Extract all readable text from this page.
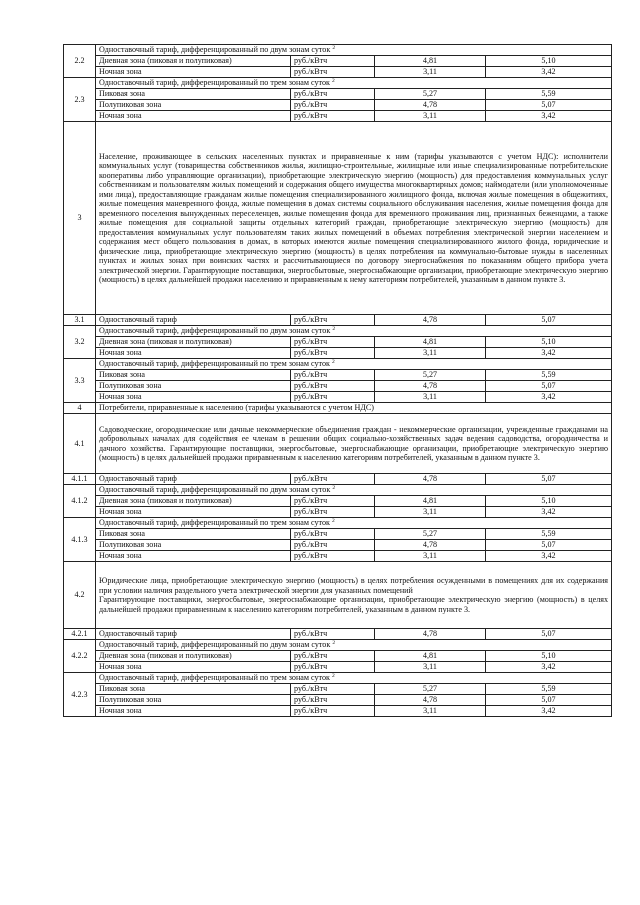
2.2	Одноставочный тариф, дифференцированный по двум зонам суток $^2$
	Дневная зона (пиковая и полупиковая)	руб./кВтч	4,81	5,10
	Ночная зона	руб./кВтч	3,11	3,42
2.3	Одноставочный тариф, дифференцированный по трем зонам суток $^2$
	Пиковая зона	руб./кВтч	5,27	5,59
	Полупиковая зона	руб./кВтч	4,78	5,07
	Ночная зона	руб./кВтч	3,11	3,42
3	Население, проживающее в сельских населенных пунктах и приравненные к ним (тарифы указываются с учетом НДС): исполнители коммунальных услуг (товарищества собственников жилья, жилищно-строительные, жилищные или иные специализированные потребительские кооперативы либо управляющие организации), приобретающие электрическую энергию (мощность) для предоставления коммунальных услуг собственникам и пользователям жилых помещений и содержания общего имущества многоквартирных домов; наймодатели (или уполномоченные ими лица), предоставляющие гражданам жилые помещения специализированного жилищного фонда, включая жилые помещения в общежитиях, жилые помещения маневренного фонда, жилые помещения в домах системы социального обслуживания населения, жилые помещения фонда для временного поселения вынужденных переселенцев, жилые помещения фонда для временного проживания лиц, признанных беженцами, а также жилые помещения для социальной защиты отдельных категорий граждан, приобретающие электрическую энергию (мощность) для предоставления коммунальных услуг пользователям таких жилых помещений в объемах потребления электрической энергии населением и содержания мест общего пользования в домах, в которых имеются жилые помещения специализированного жилого фонда, юридические и физические лица, приобретающие электрическую энергию (мощность) в целях потребления на коммунально-бытовые нужды в населенных пунктах и жилых зонах при воинских частях и рассчитывающиеся по договору энергоснабжения по показаниям общего прибора учета электрической энергии. Гарантирующие поставщики, энергосбытовые, энергоснабжающие организации, приобретающие электрическую энергию (мощность) в целях дальнейшей продажи населению и приравненным к нему категориям потребителей, указанным в данном пункте 3.			
3.1	Одноставочный тариф	руб./кВтч	4,78	5,07
3.2	Одноставочный тариф, дифференцированный по двум зонам суток $^2$
	Дневная зона (пиковая и полупиковая)	руб./кВтч	4,81	5,10
	Ночная зона	руб./кВтч	3,11	3,42
3.3	Одноставочный тариф, дифференцированный по трем зонам суток $^2$
	Пиковая зона	руб./кВтч	5,27	5,59
	Полупиковая зона	руб./кВтч	4,78	5,07
	Ночная зона	руб./кВтч	3,11	3,42
4	Потребители, приравненные к населению (тарифы указываются с учетом НДС)			
4.1	Садоводческие, огороднические или дачные некоммерческие объединения граждан - некоммерческие организации, учрежденные гражданами на добровольных началах для содействия ее членам в решении общих социально-хозяйственных задач ведения садоводства, огородничества и дачного хозяйства. Гарантирующие поставщики, энергосбытовые, энергоснабжающие организации, приобретающие электрическую энергию (мощность) в целях дальнейшей продажи приравненным к населению категориям потребителей, указанным в данном пункте 3.			
4.1.1	Одноставочный тариф	руб./кВтч	4,78	5,07
4.1.2	Одноставочный тариф, дифференцированный по двум зонам суток $^2$
	Дневная зона (пиковая и полупиковая)	руб./кВтч	4,81	5,10
	Ночная зона	руб./кВтч	3,11	3,42
4.1.3	Одноставочный тариф, дифференцированный по трем зонам суток $^2$
	Пиковая зона	руб./кВтч	5,27	5,59
	Полупиковая зона	руб./кВтч	4,78	5,07
	Ночная зона	руб./кВтч	3,11	3,42
4.2	Юридические лица, приобретающие электрическую энергию (мощность) в целях потребления осужденными в помещениях для их содержания при условии наличия раздельного учета электрической энергии для указанных помещений
Гарантирующие поставщики, энергосбытовые, энергоснабжающие организации, приобретающие электрическую энергию (мощность) в целях дальнейшей продажи приравненным к населению категориям потребителей, указанным в данном пункте 3.			
4.2.1	Одноставочный тариф	руб./кВтч	4,78	5,07
4.2.2	Одноставочный тариф, дифференцированный по двум зонам суток $^2$
	Дневная зона (пиковая и полупиковая)	руб./кВтч	4,81	5,10
	Ночная зона	руб./кВтч	3,11	3,42
4.2.3	Одноставочный тариф, дифференцированный по трем зонам суток $^2$
	Пиковая зона	руб./кВтч	5,27	5,59
	Полупиковая зона	руб./кВтч	4,78	5,07
	Ночная зона	руб./кВтч	3,11	3,42
